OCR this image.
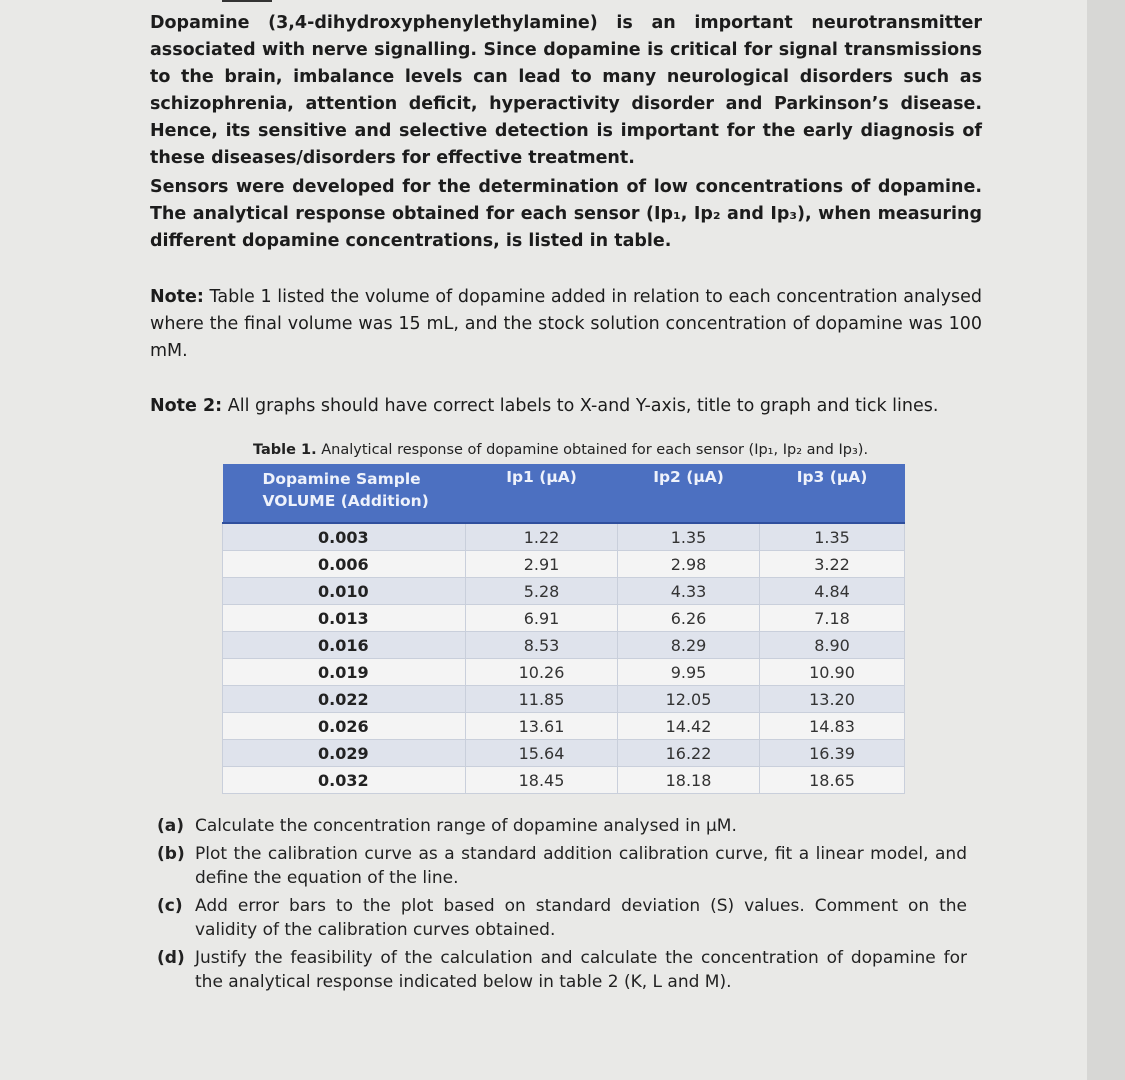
Dopamine (3,4-dihydroxyphenylethylamine) is an important neurotransmitter associated with nerve signalling. Since dopamine is critical for signal transmissions to the brain, imbalance levels can lead to many neurological disorders such as schizophrenia, attention deficit, hyperactivity disorder and Parkinson’s disease. Hence, its sensitive and selective detection is important for the early diagnosis of these diseases/disorders for effective treatment.

Sensors were developed for the determination of low concentrations of dopamine. The analytical response obtained for each sensor (Ip₁, Ip₂ and Ip₃), when measuring different dopamine concentrations, is listed in table.

Note: Table 1 listed the volume of dopamine added in relation to each concentration analysed where the final volume was 15 mL, and the stock solution concentration of dopamine was 100 mM.

Note 2: All graphs should have correct labels to X-and Y-axis, title to graph and tick lines.

Table 1. Analytical response of dopamine obtained for each sensor (Ip₁, Ip₂ and Ip₃).
Dopamine Sample VOLUME (Addition)	Ip1 (µA)	Ip2 (µA)	Ip3 (µA)
0.003	1.22	1.35	1.35
0.006	2.91	2.98	3.22
0.010	5.28	4.33	4.84
0.013	6.91	6.26	7.18
0.016	8.53	8.29	8.90
0.019	10.26	9.95	10.90
0.022	11.85	12.05	13.20
0.026	13.61	14.42	14.83
0.029	15.64	16.22	16.39
0.032	18.45	18.18	18.65
(a) Calculate the concentration range of dopamine analysed in µM.
(b) Plot the calibration curve as a standard addition calibration curve, fit a linear model, and define the equation of the line.
(c) Add error bars to the plot based on standard deviation (S) values. Comment on the validity of the calibration curves obtained.
(d) Justify the feasibility of the calculation and calculate the concentration of dopamine for the analytical response indicated below in table 2 (K, L and M).
